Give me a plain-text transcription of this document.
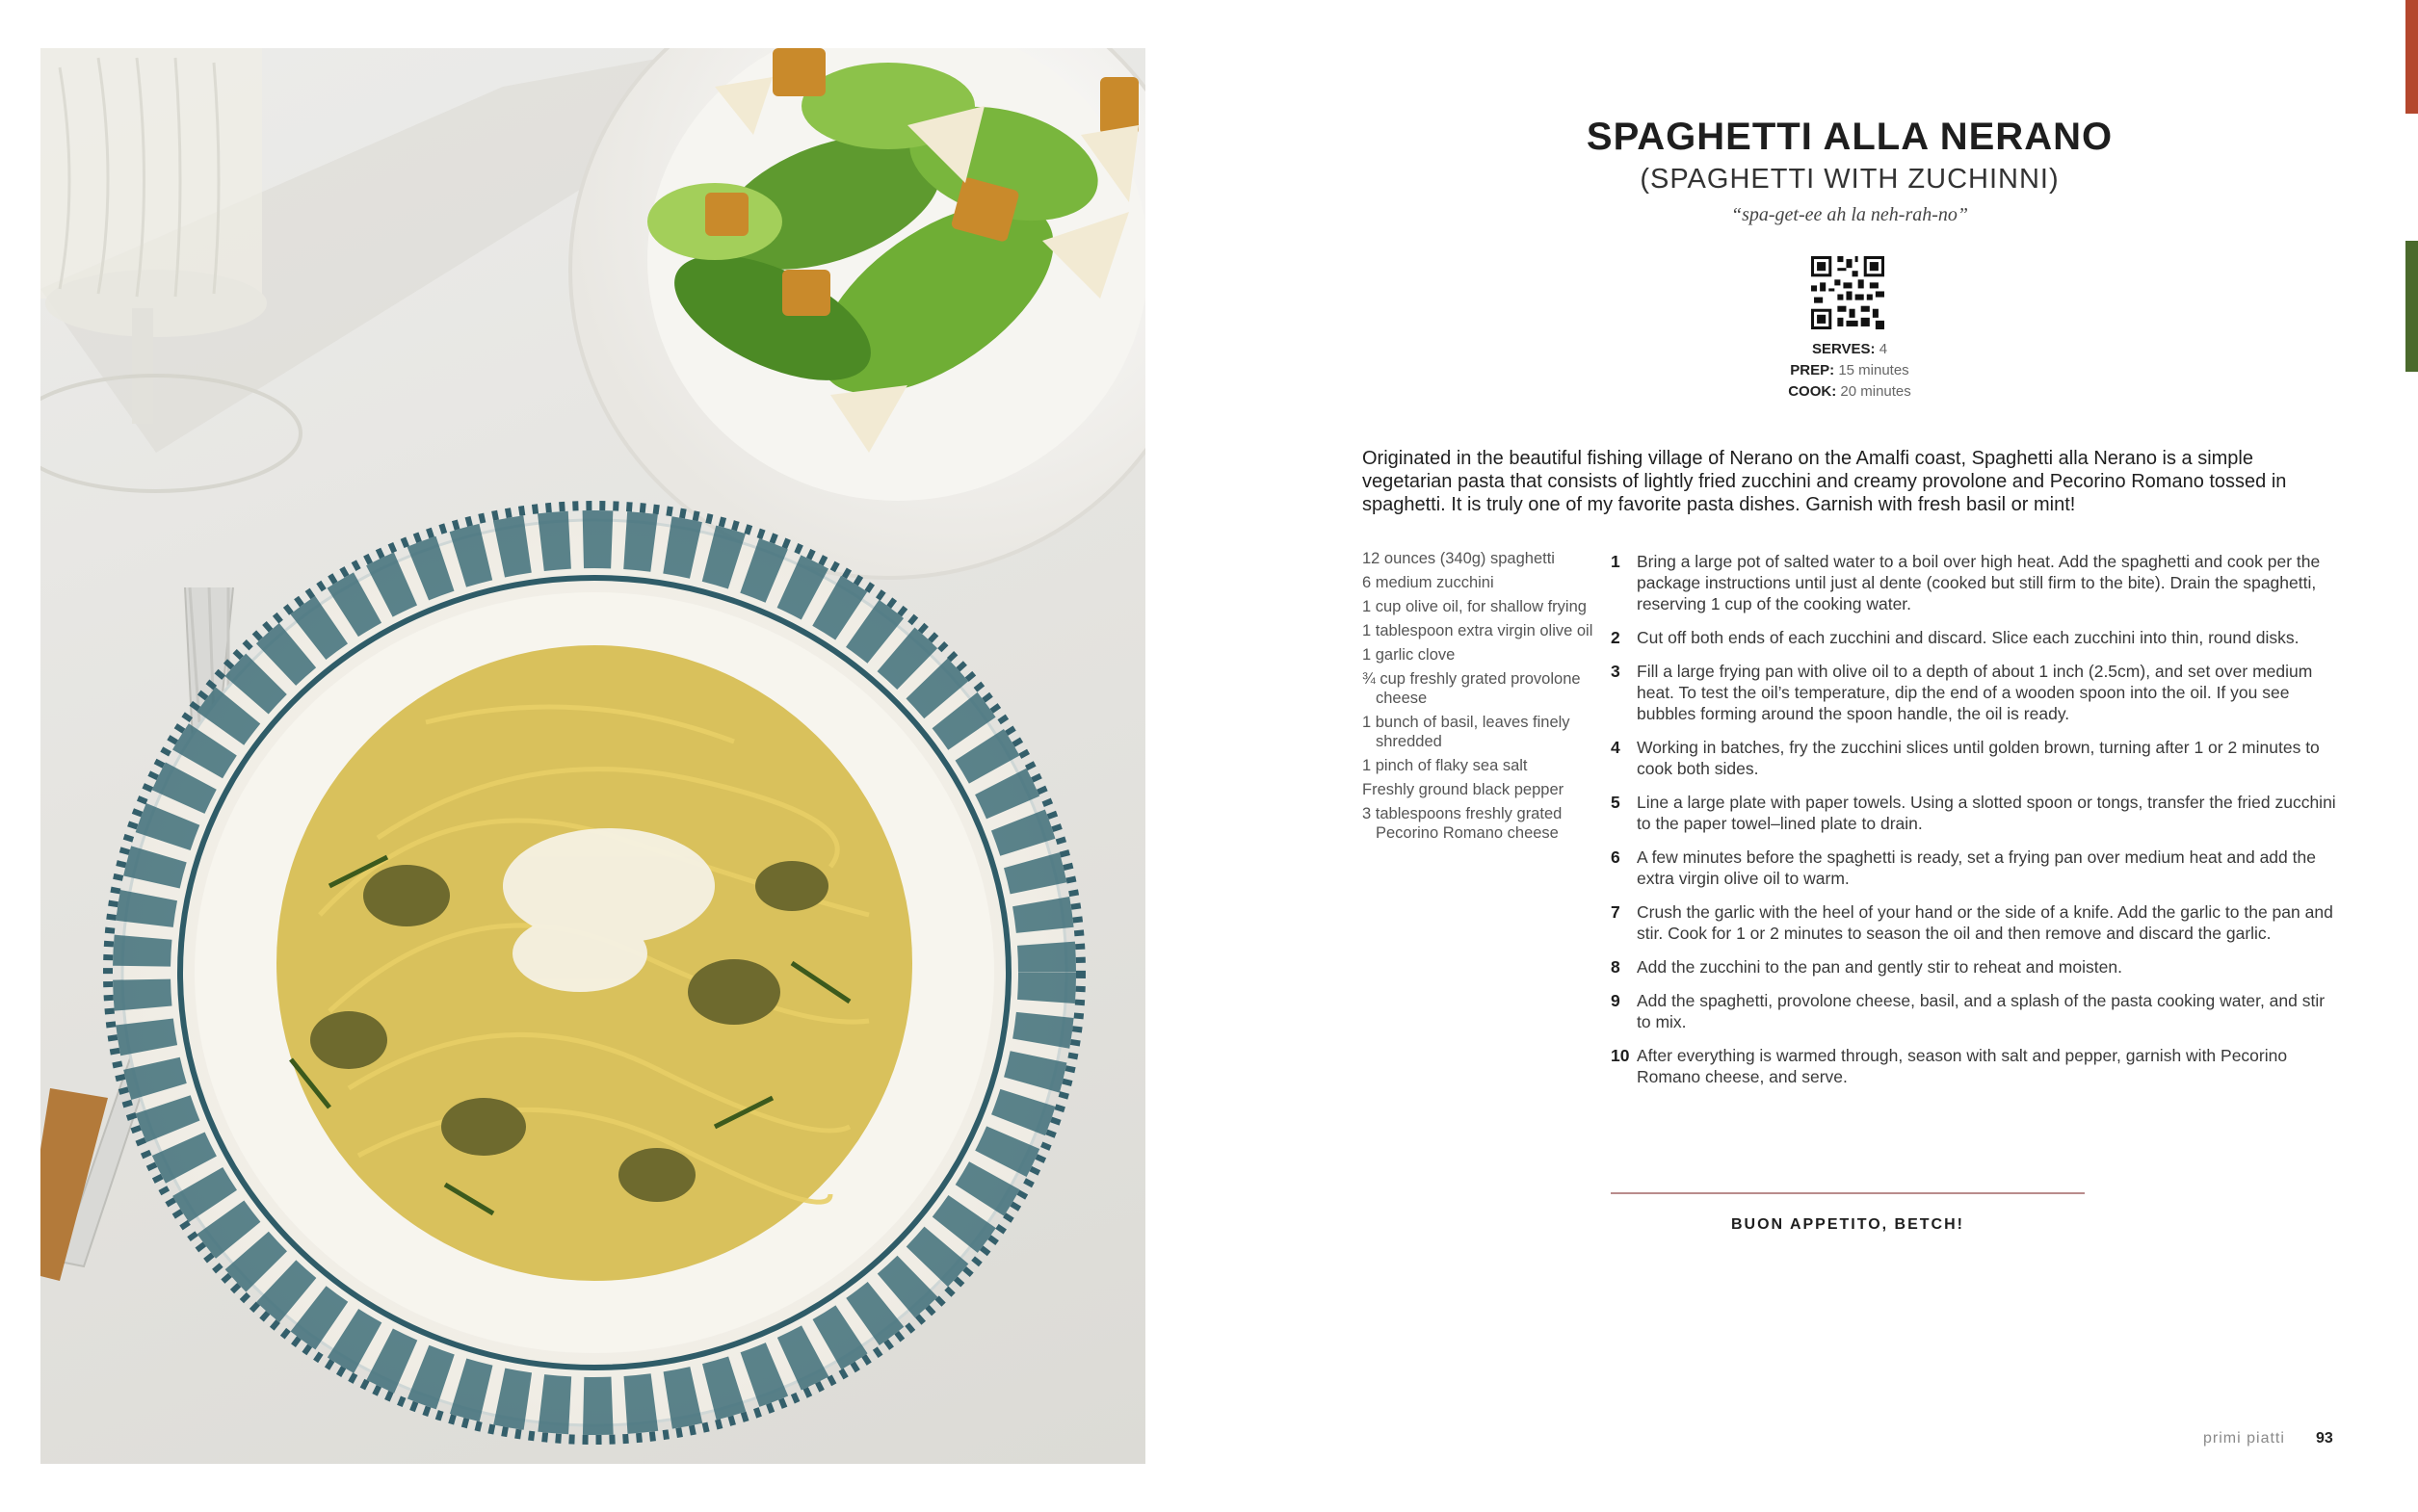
SPAGHETTI ALLA NERANO
(SPAGHETTI WITH ZUCHINNI)
“spa-get-ee ah la neh-rah-no”
SERVES: 4
PREP: 15 minutes
COOK: 20 minutes
Originated in the beautiful fishing village of Nerano on the Amalfi coast, Spaghetti alla Nerano is a simple vegetarian pasta that consists of lightly fried zucchini and creamy provolone and Pecorino Romano tossed in spaghetti. It is truly one of my favorite pasta dishes. Garnish with fresh basil or mint!
12 ounces (340g) spaghetti
6 medium zucchini
1 cup olive oil, for shallow frying
1 tablespoon extra virgin olive oil
1 garlic clove
¾ cup freshly grated provolone cheese
1 bunch of basil, leaves finely shredded
1 pinch of flaky sea salt
Freshly ground black pepper
3 tablespoons freshly grated Pecorino Romano cheese
1 Bring a large pot of salted water to a boil over high heat. Add the spaghetti and cook per the package instructions until just al dente (cooked but still firm to the bite). Drain the spaghetti, reserving 1 cup of the cooking water.
2 Cut off both ends of each zucchini and discard. Slice each zucchini into thin, round disks.
3 Fill a large frying pan with olive oil to a depth of about 1 inch (2.5cm), and set over medium heat. To test the oil’s temperature, dip the end of a wooden spoon into the oil. If you see bubbles forming around the spoon handle, the oil is ready.
4 Working in batches, fry the zucchini slices until golden brown, turning after 1 or 2 minutes to cook both sides.
5 Line a large plate with paper towels. Using a slotted spoon or tongs, transfer the fried zucchini to the paper towel–lined plate to drain.
6 A few minutes before the spaghetti is ready, set a frying pan over medium heat and add the extra virgin olive oil to warm.
7 Crush the garlic with the heel of your hand or the side of a knife. Add the garlic to the pan and stir. Cook for 1 or 2 minutes to season the oil and then remove and discard the garlic.
8 Add the zucchini to the pan and gently stir to reheat and moisten.
9 Add the spaghetti, provolone cheese, basil, and a splash of the pasta cooking water, and stir to mix.
10 After everything is warmed through, season with salt and pepper, garnish with Pecorino Romano cheese, and serve.
BUON APPETITO, BETCH!
primi piatti 93
